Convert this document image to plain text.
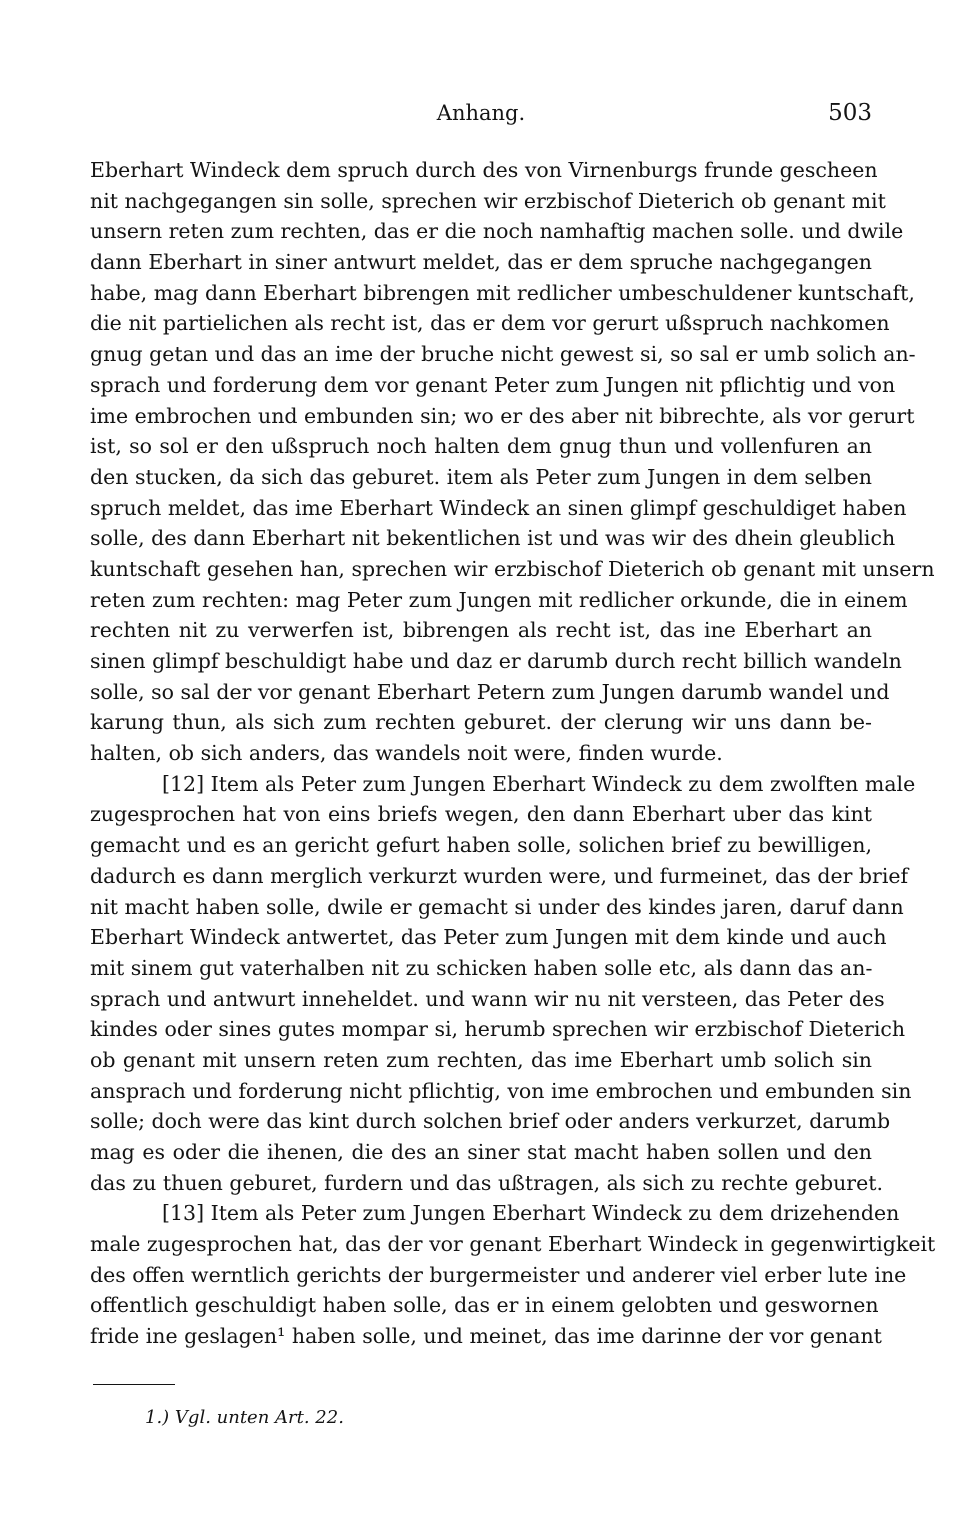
Anhang.	503
Eberhart Windeck dem spruch durch des von Virnenburgs frunde gescheen
nit nachgegangen sin solle, sprechen wir erzbischof Dieterich ob genant mit
unsern reten zum rechten, das er die noch namhaftig machen solle. und dwile
dann Eberhart in siner antwurt meldet, das er dem spruche nachgegangen
habe, mag dann Eberhart bibrengen mit redlicher umbeschuldener kuntschaft,
die nit partielichen als recht ist, das er dem vor gerurt ußspruch nachkomen
gnug getan und das an ime der bruche nicht gewest si, so sal er umb solich an-
sprach und forderung dem vor genant Peter zum Jungen nit pflichtig und von
ime embrochen und embunden sin; wo er des aber nit bibrechte, als vor gerurt
ist, so sol er den ußspruch noch halten dem gnug thun und vollenfuren an
den stucken, da sich das geburet. item als Peter zum Jungen in dem selben
spruch meldet, das ime Eberhart Windeck an sinen glimpf geschuldiget haben
solle, des dann Eberhart nit bekentlichen ist und was wir des dhein gleublich
kuntschaft gesehen han, sprechen wir erzbischof Dieterich ob genant mit unsern
reten zum rechten: mag Peter zum Jungen mit redlicher orkunde, die in einem
rechten nit zu verwerfen ist, bibrengen als recht ist, das ine Eberhart an
sinen glimpf beschuldigt habe und daz er darumb durch recht billich wandeln
solle, so sal der vor genant Eberhart Petern zum Jungen darumb wandel und
karung thun, als sich zum rechten geburet. der clerung wir uns dann be-
halten, ob sich anders, das wandels noit were, finden wurde.
[12] Item als Peter zum Jungen Eberhart Windeck zu dem zwolften male
zugesprochen hat von eins briefs wegen, den dann Eberhart uber das kint
gemacht und es an gericht gefurt haben solle, solichen brief zu bewilligen,
dadurch es dann merglich verkurzt wurden were, und furmeinet, das der brief
nit macht haben solle, dwile er gemacht si under des kindes jaren, daruf dann
Eberhart Windeck antwertet, das Peter zum Jungen mit dem kinde und auch
mit sinem gut vaterhalben nit zu schicken haben solle etc, als dann das an-
sprach und antwurt inneheldet. und wann wir nu nit versteen, das Peter des
kindes oder sines gutes mompar si, herumb sprechen wir erzbischof Dieterich
ob genant mit unsern reten zum rechten, das ime Eberhart umb solich sin
ansprach und forderung nicht pflichtig, von ime embrochen und embunden sin
solle; doch were das kint durch solchen brief oder anders verkurzet, darumb
mag es oder die ihenen, die des an siner stat macht haben sollen und den
das zu thuen geburet, furdern und das ußtragen, als sich zu rechte geburet.
[13] Item als Peter zum Jungen Eberhart Windeck zu dem drizehenden
male zugesprochen hat, das der vor genant Eberhart Windeck in gegenwirtigkeit
des offen werntlich gerichts der burgermeister und anderer viel erber lute ine
offentlich geschuldigt haben solle, das er in einem gelobten und geswornen
fride ine geslagen¹ haben solle, und meinet, das ime darinne der vor genant
1.) Vgl. unten Art. 22.
